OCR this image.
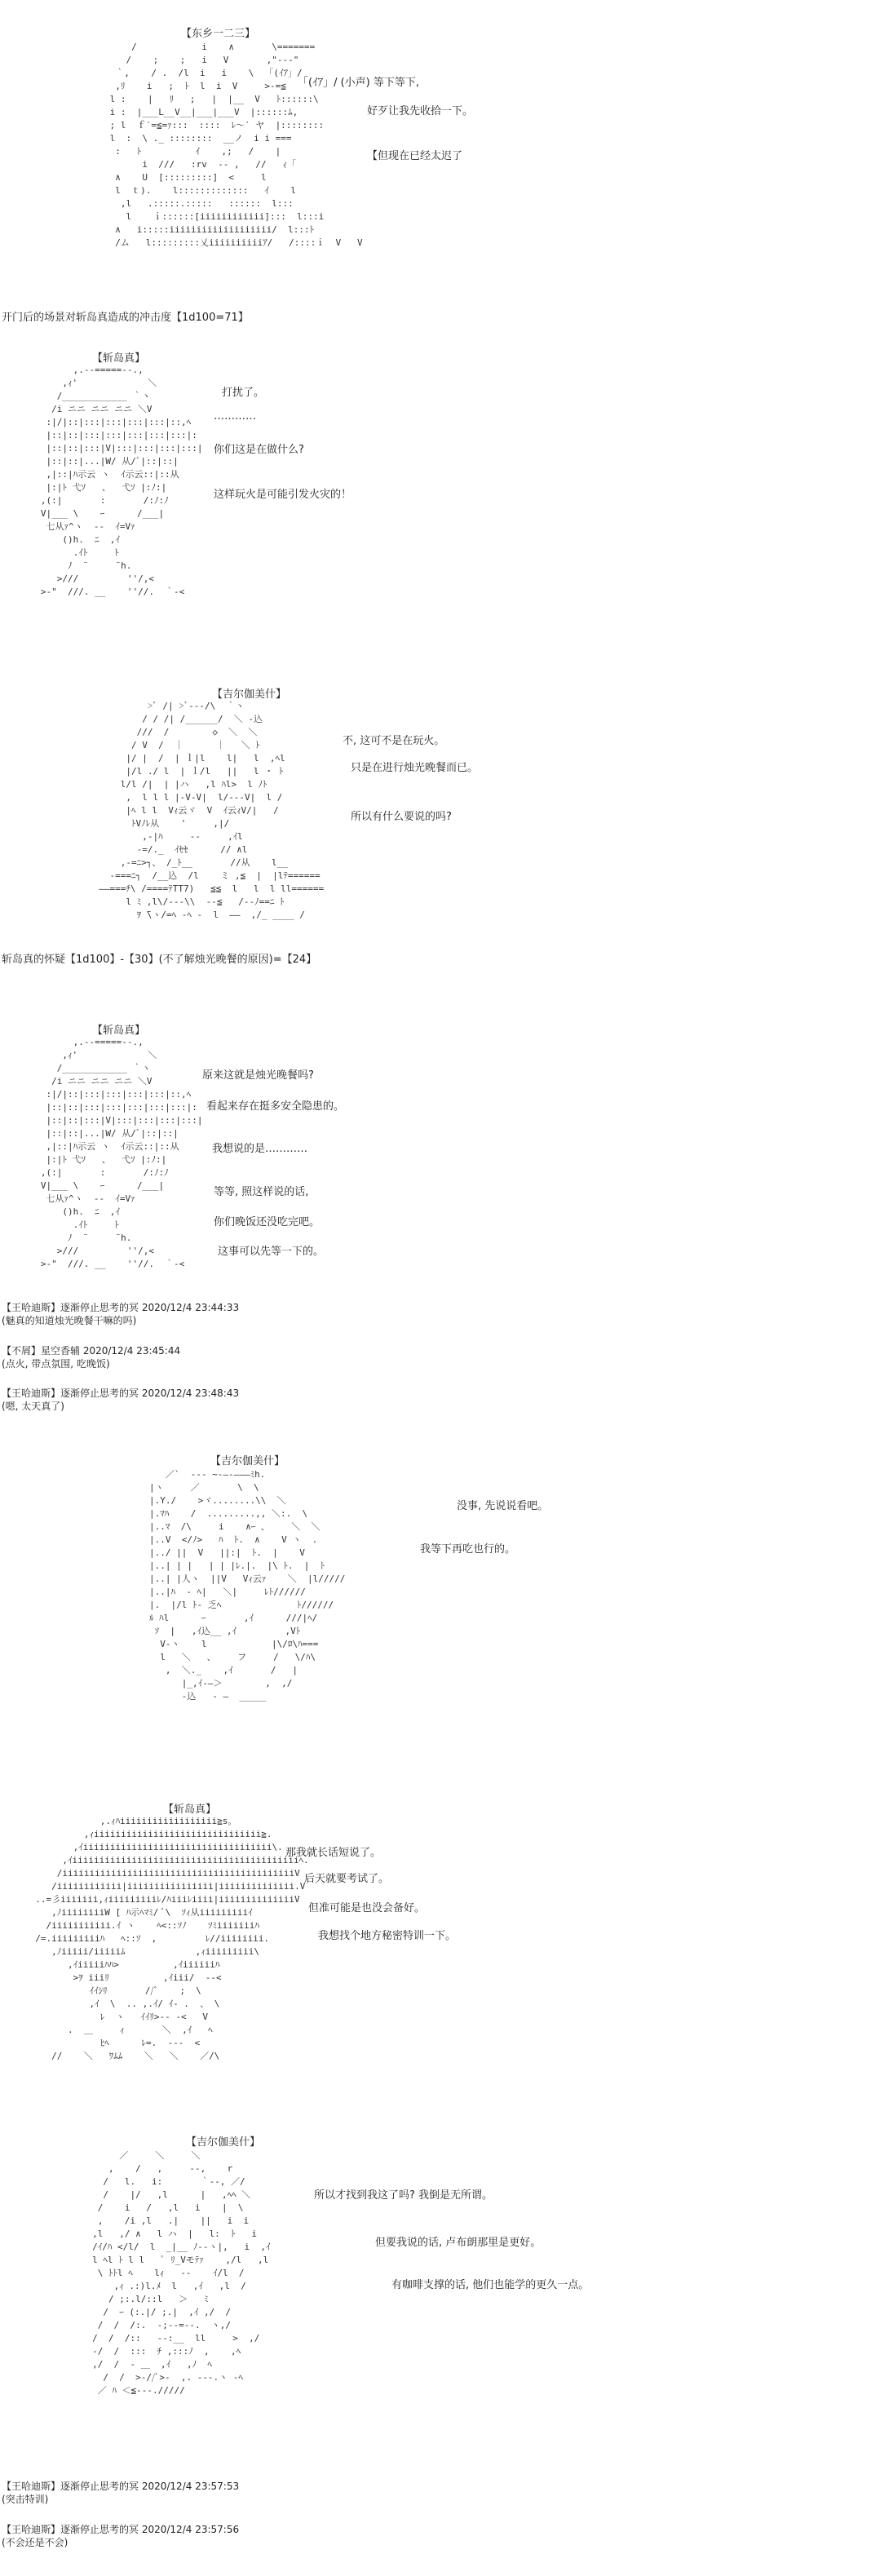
【东乡一二三】
/            i    ∧       \=======
/    ;    ;   i   V       ,"‐-‐"
｀,    / .  /l  i   i    \  「(ｲｱ」/
,ﾘ    i   ;  ﾄ  l  i  V     >-=≦
l :    |   ﾘ   ;   |  |__  V   ﾄ::::::\
i :  |___L__V__|___|___V  |::::::ﾑ,
; l  ｆ′=≦=ｧ:::  ::::  ﾚ〜′ ヤ  |::::::::
l  :  \ ._ ::::::::  __ノ  i i ===
:   ﾄ          ｲ    ,;   /    |
i  ///   :rv  ‐‐ ,   //   ｨ「
∧    U  [:::::::::]  <     l
l  ｔ).    l:::::::::::::   ｲ    l
,l   .:::::.:::::   ::::::  l:::
l    ｉ::::::[iiiiiiiiiiii]:::  l:::i
∧   i:::::iiiiiiiiiiiiiiiiiii/  l:::ﾄ
/ム   l:::::::::乂iiiiiiiiiiｱ/   /::::ｉ  V   V
「(ｲｱ」/ (小声) 等下等下,
好歹让我先收拾一下。
【但现在已经太迟了
开门后的场景对斩岛真造成的冲击度【1d100=71】
【斩岛真】
,.--=====--.,
,ｨ'             ＼
/____________ ｀ヽ
/i ニニ ニニ ニニ ＼V
:|/|::|:::|:::|:::|:::|::,ﾍ
|::|::|:::|:::|:::|:::|:::|:
|::|::|:::|V|:::|:::|:::|:::|
|::|::|...|W/ 从/ﾞ|::|::|
,|::|ﾊ示云 ヽ  ｲ示云::|::从
|:|ﾄ 弋ｿ   、  弋ｿ |:ﾉ:|
,(:|       :       /:ﾉ:ﾉ
V|___ \    ｰ      /___|
七从ｧ^ヽ  ‐‐  ｲ=Vｧ
()h.  ﾆ  ,ｲ
.ｲﾄ     ﾄ
ﾉ  ¨     ¨h.
>///         ''/,<
>-"  ///. __    ''//.  ｀-<
打扰了。
…………
你们这是在做什么?
这样玩火是可能引发火灾的！
【吉尔伽美什】
>ﾞ /| >ﾞ‐‐‐/\  ｀ヽ
/ / /| /______/  ＼ ‐込
///  /        ◇  ＼  ＼
/ V  /  ｜      ｜   ＼ ﾄ
|/ |  /  | ｌ|l    l|   l  ,ﾍl
|/l ./ l  | ｌ/l   ||   l ・ ﾄ
l/l /|  | |ハ   ,l ﾊl>  l ﾉﾄ
,  l l l |-V-V|  l/‐‐‐V|  l /
|ﾍ l l  Vｨ云ヾ  V  ｲ云ｨV/|   /
ﾄVﾉﾚ从    '     ,|/
,-|ﾊ     ‐‐     ,ｲl
-=/._  ｲｾｾ      // ∧l
,-=ﾆ>┐、 /_ﾄ__       //从    l__
‐===ﾆ┐  /__込  /l    ミ ,≦  |  |lﾃ======
——===ﾁ\ /====ﾃTT7)   ≦≦  l   l  l ll======
l ﾐ ,l\/‐‐‐\\  ‐‐≦   /‐‐ﾉ==ﾆ ﾄ
ｦ ̄\ヽ/=ﾍ ‐ﾍ ‐  l  ——  ,/_ ____ /
不, 这可不是在玩火。
只是在进行烛光晚餐而已。
所以有什么要说的吗?
斩岛真的怀疑【1d100】-【30】(不了解烛光晚餐的原因)=【24】
【斩岛真】
,.--=====--.,
,ｨ'             ＼
/____________ ｀ヽ
/i ニニ ニニ ニニ ＼V
:|/|::|:::|:::|:::|:::|::,ﾍ
|::|::|:::|:::|:::|:::|:::|:
|::|::|:::|V|:::|:::|:::|:::|
|::|::|...|W/ 从/ﾞ|::|::|
,|::|ﾊ示云 ヽ  ｲ示云::|::从
|:|ﾄ 弋ｿ   、  弋ｿ |:ﾉ:|
,(:|       :       /:ﾉ:ﾉ
V|___ \    ｰ      /___|
七从ｧ^ヽ  ‐‐  ｲ=Vｧ
()h.  ﾆ  ,ｲ
.ｲﾄ     ﾄ
ﾉ  ¨     ¨h.
>///         ''/,<
>-"  ///. __    ''//.  ｀-<
原来这就是烛光晚餐吗?
看起来存在挺多安全隐患的。
我想说的是…………
等等, 照这样说的话,
你们晚饭还没吃完吧。
这事可以先等一下的。
【王哈迪斯】逐渐停止思考的冥 2020/12/4 23:44:33
(魅真的知道烛光晚餐干嘛的吗)
【不屑】星空香辅 2020/12/4 23:45:44
(点火, 带点氛围, 吃晚饭)
【王哈迪斯】逐渐停止思考的冥 2020/12/4 23:48:43
(嗯, 太天真了)
【吉尔伽美什】
／`  ‐‐‐ ~‐―‐―――ﾐh.
|ヽ     ／       \  \
|.Y./    >ヾ........\\  ＼
|.ﾏﾊ    /  .........,, ＼:.  \
|..ﾏ  /\     i    ∧ｰ 、    ＼  ＼
|..V  </ﾉ>   ﾊ  ﾄ.  ∧    V ヽ  .
|../ ||  V   ||:|  ﾄ.  |    V
|..| | |   | | |ﾚ.|.  |\ ﾄ.  |  ﾄ
|..| |人ヽ  ||V   Vｨ云ｧ    ＼  |l/////
|..|ﾊ  ‐ ﾍ|   ＼|     ﾚﾄ//////
|.  |/l ﾄ‐ 乏ﾍ              ﾄ//////
ﾙ ﾊl      ｰ       ,ｲ      ///|ﾍ/
ｿ  |   ,ｲ込__ ,ｲ         ,Vﾄ
V‐ヽ    l            |\/ﾛ\ﾊ===
l   ＼   、    フ     /   \/ﾊ\
,  ＼._    ,ｲ       /   |
|_,ｲ‐―＞        ,  ,/
‐込   ‐ ―  _____
没事, 先说说看吧。
我等下再吃也行的。
【斩岛真】
,.ｨﾊiiiiiiiiiiiiiiiiii≧s。
,ｨiiiiiiiiiiiiiiiiiiiiiiiiiiiiiii≧.
,ｲiiiiiiiiiiiiiiiiiiiiiiiiiiiiiiiiiii\.
,ｲiiiiiiiiiiiiiiiiiiiiiiiiiiiiiiiiiiiiiiiiiiﾍ.
/iiiiiiiiiiiiiiiiiiiiiiiiiiiiiiiiiiiiiiiiiiiV
/iiiiiiiiiiii|iiiiiiiiiiiiiiii|iiiiiiiiiiiiii.V
..=彡iiiiiii,ｨiiiiiiiiiﾚ/ﾊiiiﾚiiii|iiiiiiiiiiiiiiV
,ﾉiiiiiiiiW [ ﾊ示ﾍﾏﾐ/ ﾞ\  ｿｨ从iiiiiiiiiｲ
/iiiiiiiiiii.ｲ ヽ    ﾍ<::ｿﾉ    ｿﾐiiiiiiiﾊ
/=.iiiiiiiiiﾊ   ﾍ::ｿ  ,         ﾚ//iiiiiiii.
,ﾉiiiii/iiiiiﾑ             ,ｨiiiiiiiii\
,ｲiiiiiﾊﾊ>          ,ｲiiiiiiﾊ
>ｦ iiiﾘ          ,ｲiii/  ‐‐<
ｲｲｼﾘ       //ﾞ    ;  \
,ｲ  \  .. ,.ｲ/ ｲ‐ .  、 \
ﾚ  ヽ   ｲｲﾘ>‐‐ ‐<   V
.  ＿     ｨ       ＼  ,ｲ   ﾍ
ﾋﾍ      ﾚ=.  ‐‐‐  <
//    ＼   ﾜﾑﾑ    ＼   ＼    ／/\
那我就长话短说了。
后天就要考试了。
但准可能是也没会备好。
我想找个地方秘密特训一下。
【吉尔伽美什】
／     ＼     ＼
,    /   ,     ‐‐,    r
/   l.   i:       ｀‐‐, ／/
/    |/   ,l      |   ,ﾍﾍ ＼
/    i   /   ,l   i    |  \
,    /i ,l   .|    ||   i  i
,l   ,/ ∧   l ハ  |   l:  ﾄ   i
/ｲ/ﾊ </l/  l  _|__ ﾉ‐‐ヽ|,   i  ,ｲ
l ﾍl ﾄ l l   ﾟ ﾘ_Vモﾃｧ    ,/l   ,l
\ ﾄﾄl ﾍ    lｨ   ‐‐    ｲ/l  /
,ｨ .:)l.ﾒ  l   ,ｲ   ,l  /
/ ;:.l/::l   ＞   ﾐ
/  ｰ (:.|/ ;.|  ,ｲ ,/  /
/  /  /:.  ‐;‐‐=--.  ヽ,/
/  /  /::   ‐‐:__  ll     >  ,/
‐/  /  :::  ﾁ ,:::ﾉ  ,    ,ﾍ
,/  /  ‐ ＿  ,ｲ   ,ﾉ  ﾍ
/  /  >‐//ﾞ>‐  ,. ‐‐‐.ヽ ‐ﾍ
／ ﾊ ＜≦‐‐‐./////
所以才找到我这了吗? 我倒是无所谓。
但要我说的话, 卢布朗那里是更好。
有咖啡支撑的话, 他们也能学的更久一点。
【王哈迪斯】逐渐停止思考的冥 2020/12/4 23:57:53
(突击特训)
【王哈迪斯】逐渐停止思考的冥 2020/12/4 23:57:56
(不会还是不会)
